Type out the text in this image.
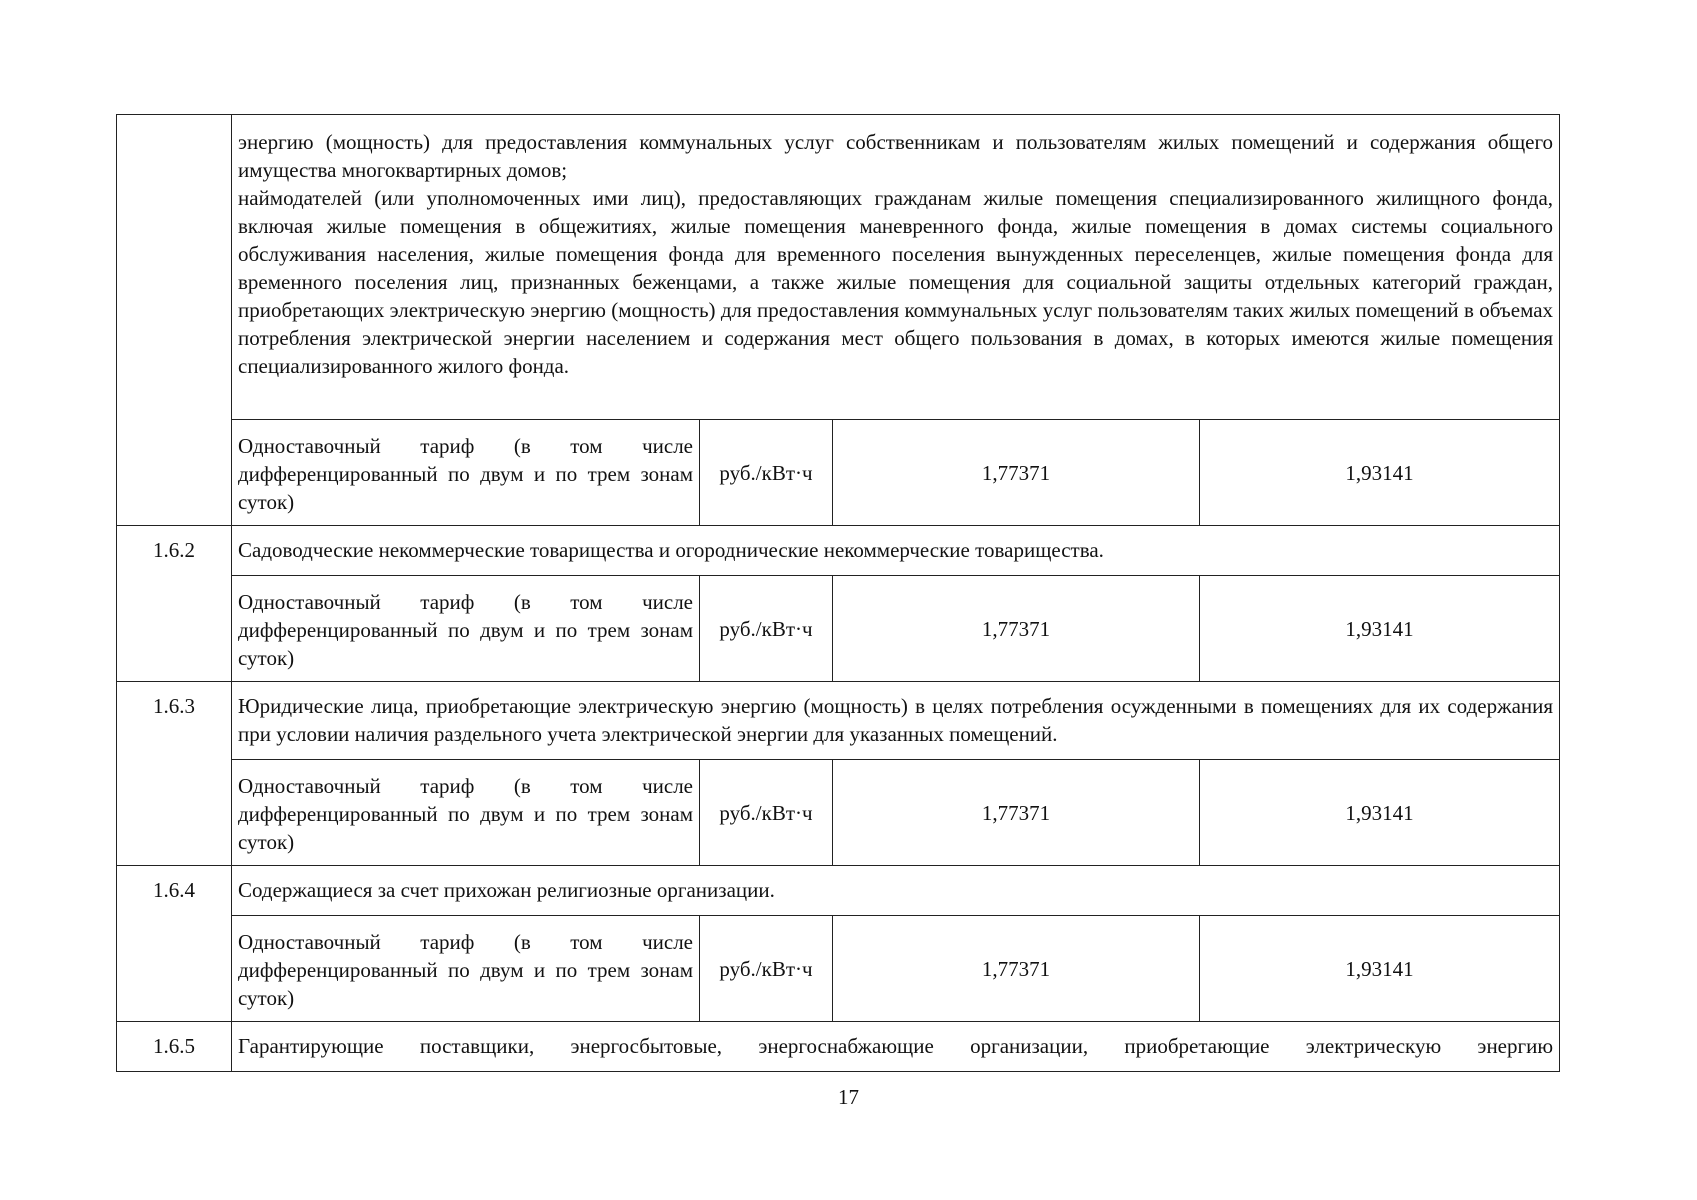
	энергию (мощность) для предоставления коммунальных услуг собственникам и пользователям жилых помещений и содержания общего имущества многоквартирных домов;
наймодателей (или уполномоченных ими лиц), предоставляющих гражданам жилые помещения специализированного жилищного фонда, включая жилые помещения в общежитиях, жилые помещения маневренного фонда, жилые помещения в домах системы социального обслуживания населения, жилые помещения фонда для временного поселения вынужденных переселенцев, жилые помещения фонда для временного поселения лиц, признанных беженцами, а также жилые помещения для социальной защиты отдельных категорий граждан, приобретающих электрическую энергию (мощность) для предоставления коммунальных услуг пользователям таких жилых помещений в объемах потребления электрической энергии населением и содержания мест общего пользования в домах, в которых имеются жилые помещения специализированного жилого фонда.			

	Одноставочный тариф (в том числе дифференцированный по двум и по трем зонам суток)	руб./кВт·ч	1,77371	1,93141
1.6.2	Садоводческие некоммерческие товарищества и огороднические некоммерческие товарищества.			
	Одноставочный тариф (в том числе дифференцированный по двум и по трем зонам суток)	руб./кВт·ч	1,77371	1,93141
1.6.3	Юридические лица, приобретающие электрическую энергию (мощность) в целях потребления осужденными в помещениях для их содержания при условии наличия раздельного учета электрической энергии для указанных помещений.			
	Одноставочный тариф (в том числе дифференцированный по двум и по трем зонам суток)	руб./кВт·ч	1,77371	1,93141
1.6.4	Содержащиеся за счет прихожан религиозные организации.			
	Одноставочный тариф (в том числе дифференцированный по двум и по трем зонам суток)	руб./кВт·ч	1,77371	1,93141
1.6.5	Гарантирующие поставщики, энергосбытовые, энергоснабжающие организации, приобретающие электрическую энергию			
17
